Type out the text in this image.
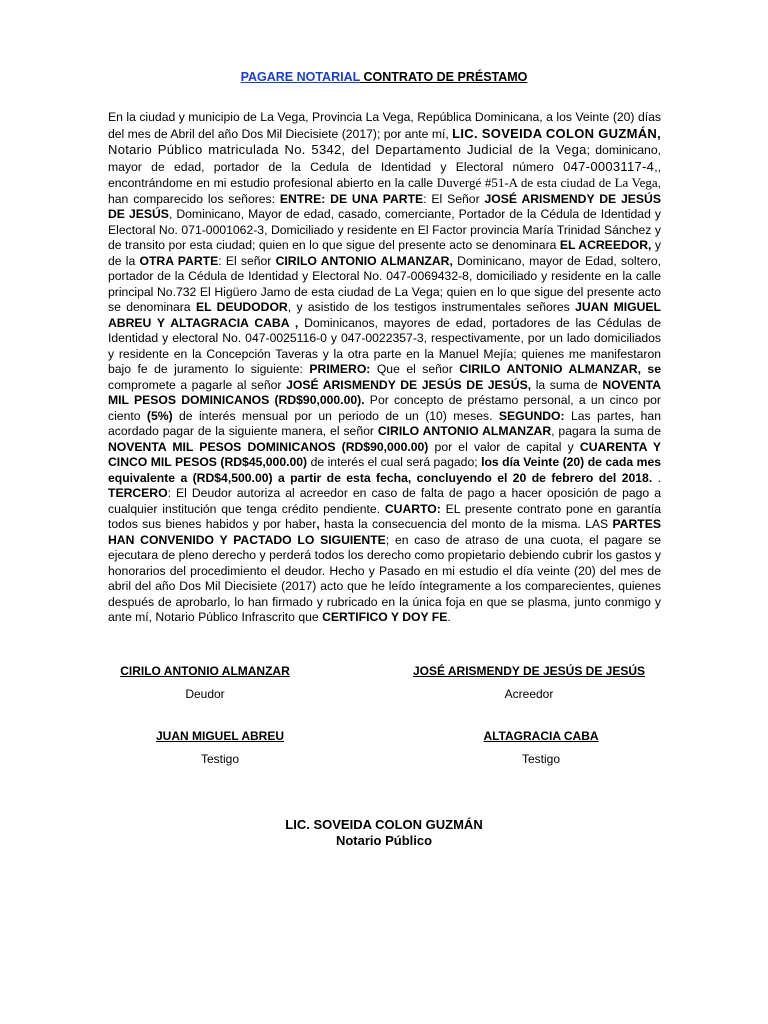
PAGARE NOTARIAL CONTRATO DE PRÉSTAMO
En la ciudad y municipio de La Vega, Provincia La Vega, República Dominicana, a los Veinte (20) días del mes de Abril del año Dos Mil Diecisiete (2017); por ante mí, LIC. SOVEIDA COLON GUZMÁN, Notario Público matriculada No. 5342, del Departamento Judicial de la Vega; dominicano, mayor de edad, portador de la Cedula de Identidad y Electoral número 047-0003117-4,, encontrándome en mi estudio profesional abierto en la calle Duvergé #51-A de esta ciudad de La Vega, han comparecido los señores: ENTRE: DE UNA PARTE: El Señor JOSÉ ARISMENDY DE JESÚS DE JESÚS, Dominicano, Mayor de edad, casado, comerciante, Portador de la Cédula de Identidad y Electoral No. 071-0001062-3, Domiciliado y residente en El Factor provincia María Trinidad Sánchez y de transito por esta ciudad; quien en lo que sigue del presente acto se denominara EL ACREEDOR, y de la OTRA PARTE: El señor CIRILO ANTONIO ALMANZAR, Dominicano, mayor de Edad, soltero, portador de la Cédula de Identidad y Electoral No. 047-0069432-8, domiciliado y residente en la calle principal No.732 El Higüero Jamo de esta ciudad de La Vega; quien en lo que sigue del presente acto se denominara EL DEUDODOR, y asistido de los testigos instrumentales señores JUAN MIGUEL ABREU Y ALTAGRACIA CABA , Dominicanos, mayores de edad, portadores de las Cédulas de Identidad y electoral No. 047-0025116-0 y 047-0022357-3, respectivamente, por un lado domiciliados y residente en la Concepción Taveras y la otra parte en la Manuel Mejía; quienes me manifestaron bajo fe de juramento lo siguiente: PRIMERO: Que el señor CIRILO ANTONIO ALMANZAR, se compromete a pagarle al señor JOSÉ ARISMENDY DE JESÚS DE JESÚS, la suma de NOVENTA MIL PESOS DOMINICANOS (RD$90,000.00). Por concepto de préstamo personal, a un cinco por ciento (5%) de interés mensual por un periodo de un (10) meses. SEGUNDO: Las partes, han acordado pagar de la siguiente manera, el señor CIRILO ANTONIO ALMANZAR, pagara la suma de NOVENTA MIL PESOS DOMINICANOS (RD$90,000.00) por el valor de capital y CUARENTA Y CINCO MIL PESOS (RD$45,000.00) de interés el cual será pagado; los día Veinte (20) de cada mes equivalente a (RD$4,500.00) a partir de esta fecha, concluyendo el 20 de febrero del 2018. . TERCERO: El Deudor autoriza al acreedor en caso de falta de pago a hacer oposición de pago a cualquier institución que tenga crédito pendiente. CUARTO: EL presente contrato pone en garantía todos sus bienes habidos y por haber, hasta la consecuencia del monto de la misma. LAS PARTES HAN CONVENIDO Y PACTADO LO SIGUIENTE; en caso de atraso de una cuota, el pagare se ejecutara de pleno derecho y perderá todos los derecho como propietario debiendo cubrir los gastos y honorarios del procedimiento el deudor. Hecho y Pasado en mi estudio el día veinte (20) del mes de abril del año Dos Mil Diecisiete (2017) acto que he leído íntegramente a los comparecientes, quienes después de aprobarlo, lo han firmado y rubricado en la única foja en que se plasma, junto conmigo y ante mí, Notario Público Infrascrito que CERTIFICO Y DOY FE.
CIRILO ANTONIO ALMANZAR
Deudor
JOSÉ ARISMENDY DE JESÚS DE JESÚS
Acreedor
JUAN MIGUEL ABREU
Testigo
ALTAGRACIA CABA
Testigo
LIC. SOVEIDA COLON GUZMÁN
Notario Público
